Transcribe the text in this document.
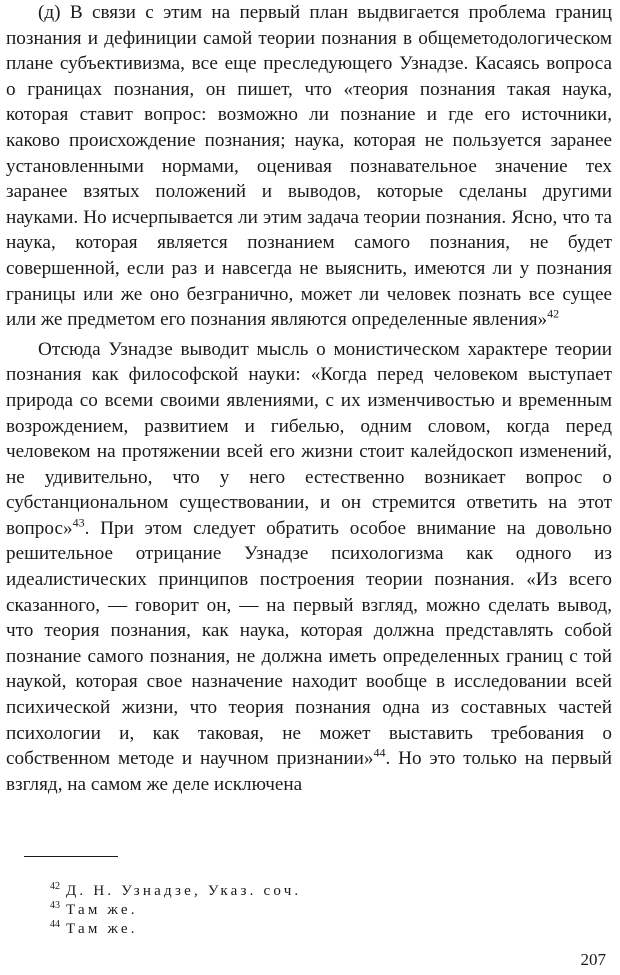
(д) В связи с этим на первый план выдвигается проблема границ познания и дефиниции самой теории познания в общеметодологическом плане субъективизма, все еще преследующего Узнадзе. Касаясь вопроса о границах познания, он пишет, что «теория познания такая наука, которая ставит вопрос: возможно ли познание и где его источники, каково происхождение познания; наука, которая не пользуется заранее установленными нормами, оценивая познавательное значение тех заранее взятых положений и выводов, которые сделаны другими науками. Но исчерпывается ли этим задача теории познания. Ясно, что та наука, которая является познанием самого познания, не будет совершенной, если раз и навсегда не выяснить, имеются ли у познания границы или же оно безгранично, может ли человек познать все сущее или же предметом его познания являются определенные явления»$^{42}$

Отсюда Узнадзе выводит мысль о монистическом характере теории познания как философской науки: «Когда перед человеком выступает природа со всеми своими явлениями, с их изменчивостью и временным возрождением, развитием и гибелью, одним словом, когда перед человеком на протяжении всей его жизни стоит калейдоскоп изменений, не удивительно, что у него естественно возникает вопрос о субстанциональном существовании, и он стремится ответить на этот вопрос»$^{43}$. При этом следует обратить особое внимание на довольно решительное отрицание Узнадзе психологизма как одного из идеалистических принципов построения теории познания. «Из всего сказанного, — говорит он, — на первый взгляд, можно сделать вывод, что теория познания, как наука, которая должна представлять собой познание самого познания, не должна иметь определенных границ с той наукой, которая свое назначение находит вообще в исследовании всей психической жизни, что теория познания одна из составных частей психологии и, как таковая, не может выставить требования о собственном методе и научном признании»$^{44}$. Но это только на первый взгляд, на самом же деле исключена

$^{42}$ Д. Н. Узнадзе, Указ. соч.
$^{43}$ Там же.
$^{44}$ Там же.
207
